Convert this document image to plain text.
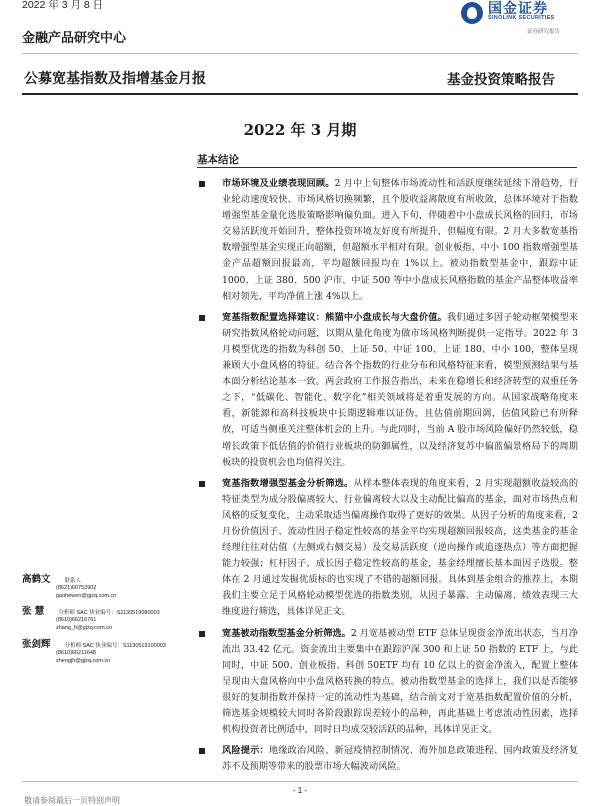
2022 年 3 月 8 日
金融产品研究中心
国金证券
SINOLINK SECURITIES
证券研究报告
公募宽基指数及指增基金月报	基金投资策略报告
2022 年 3 月期
基本结论
市场环境及业绩表现回顾。2 月中上旬整体市场流动性和活跃度继续延续下滑趋势，行业轮动速度较快、市场风格切换频繁，且个股收益离散度有所收敛，总体环境对于指数增强型基金量化选股策略影响偏负面。进入下旬，伴随着中小盘成长风格的回归，市场交易活跃度开始回升，整体投资环境友好度有所提升，但幅度有限。2 月大多数宽基指数增强型基金实现正向超额，但超额水平相对有限。创业板指、中小 100 指数增强型基金产品超额回报最高，平均超额回报均在 1%以上。被动指数型基金中，跟踪中证 1000、上证 380、500 沪市、中证 500 等中小盘成长风格指数的基金产品整体收益率相对领先，平均净值上涨 4%以上。
宽基指数配置选择建议：熊猫中小盘成长与大盘价值。我们通过多因子轮动框架模型来研究指数风格轮动问题，以期从量化角度为做市场风格判断提供一定指导。2022 年 3 月模型优选的指数为科创 50、上证 50、中证 100、上证 180、中小 100，整体呈现兼顾大小盘风格的特征。结合各个指数的行业分布和风格特征来看，模型预测结果与基本面分析结论基本一致。两会政府工作报告指出，未来在稳增长和经济转型的双重任务之下，“低碳化、智能化、数字化”相关领域将是着重发展的方向。从国家战略角度来看，新能源和高科技板块中长期逻辑难以证伪，且估值前期回调，估值风险已有所释放，可适当侧重关注整体机会的上升。与此同时，当前 A 股市场风险偏好仍然较低，稳增长政策下低估值的价值行业板块的防御属性，以及经济复苏中偏蓝偏景格局下的周期板块的投资机会也均值得关注。
宽基指数增强型基金分析筛选。从样本整体表现的角度来看，2 月实现超额收益较高的特征类型为成分股偏离较大、行业偏离较大以及主动配比偏高的基金，面对市场热点和风格的反复变化，主动采取适当偏离操作取得了更好的效果。从因子分析的角度来看，2 月份价值因子、流动性因子稳定性较高的基金平均实现超额回报较高，这类基金的基金经理往往对估值（左侧或右侧交易）及交易活跃度（逆向操作或追逐热点）等方面把握能力较强；杠杆因子、成长因子稳定性较高的基金，基金经理擅长基本面因子选股。整体在 2 月通过发掘优质标的也实现了不错的超额回报。具体到基金组合的推荐上，本期我们主要立足于风格轮动模型优选的指数类别，从因子暴露、主动偏离、绩效表现三大维度进行筛选，具体详见正文。
宽基被动指数型基金分析筛选。2 月宽基被动型 ETF 总体呈现资金净流出状态，当月净流出 33.42 亿元。资金流出主要集中在跟踪沪深 300 和上证 50 指数的 ETF 上，与此同时，中证 500、创业板指、科创 50ETF 均有 10 亿以上的资金净流入，配置上整体呈现由大盘风格向中小盘风格转换的特点。被动指数型基金的选择上，我们以是否能够很好的复制指数并保持一定的流动性为基础，结合前文对于宽基指数配置价值的分析，筛选基金规模较大同时各阶段跟踪误差较小的品种，再此基础上考虑流动性因素，选择机构投资者比例适中，同时日均成交较活跃的品种，具体详见正文。
风险提示：地缘政治风险、新冠疫情控制情况、海外加息政策进程、国内政策及经济复苏不及预期等带来的股票市场大幅波动风险。
高鹤文	联系人
(8621)60753902
gaohewen@gjzq.com.cn
张 慧	分析师 SAC 执业编号：S1130519080003
(8610)66216761
zhang_h@gjzq.com.cn
张剑辉	分析师 SAC 执业编号：S1130519100003
(8610)66211648
zhengjh@gjzq.com.cn
- 1 -
敬请参阅最后一页特别声明
